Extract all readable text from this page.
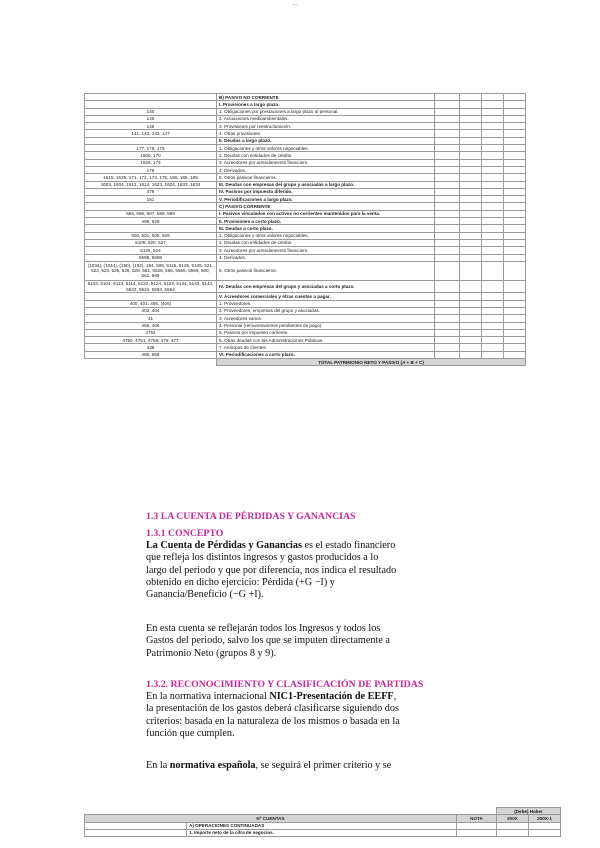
...
	B) PASIVO NO CORRIENTE				
	I. Provisiones a largo plazo.				
140	1. Obligaciones por prestaciones a largo plazo al personal.				
145	2. Actuaciones medioambientales.				
146	3. Provisiones por reestructuración.				
141, 142, 143, 147	4. Otras provisiones.				
	II. Deudas a largo plazo.				
177, 178, 179	1. Obligaciones y otros valores negociables.				
1605, 170	2. Deudas con entidades de crédito.				
1625, 174	3. Acreedores por arrendamiento financiero.				
176	4. Derivados.				
1615, 1635, 171, 172, 173, 175, 180, 185, 189	5. Otros pasivos financieros.				
1603, 1604, 1613, 1614, 1623, 1624, 1633, 1634	III. Deudas con empresas del grupo y asociadas a largo plazo.				
479	IV. Pasivos por impuesto diferido.				
181	V. Periodificaciones a largo plazo.				
	C) PASIVO CORRIENTE				
585, 586, 587, 588, 589	I. Pasivos vinculados con activos no corrientes mantenidos para la venta.				
499, 529	II. Provisiones a corto plazo.				
	III. Deudas a corto plazo.				
500, 501, 505, 506	1. Obligaciones y otros valores negociables.				
5105, 520, 527	2. Deudas con entidades de crédito.				
5125, 524	3. Acreedores por arrendamiento financiero.				
5595, 5598	4. Derivados.				
(1034), (1044), (190), (192), 194, 509, 5115, 5135, 5145, 521, 522, 523, 525, 526, 528, 551, 5525, 555, 5565, 5566, 560, 561, 569	5. Otros pasivos financieros.				
5103, 5104, 5113, 5114, 5123, 5124, 5133, 5134, 5143, 5144, 5523, 5524, 5563, 5564	IV. Deudas con empresas del grupo y asociadas a corto plazo.				
	V. Acreedores comerciales y otras cuentas a pagar.				
400, 401, 405, (406)	1. Proveedores.				
403, 404	2. Proveedores, empresas del grupo y asociadas.				
41	3. Acreedores varios.				
465, 466	4. Personal (remuneraciones pendientes de pago).				
4752	5. Pasivos por impuesto corriente.				
4750, 4751, 4758, 476, 477	6. Otras deudas con las Administraciones Públicas.				
438	7. Anticipos de clientes.				
485, 568	VI. Periodificaciones a corto plazo.				
	TOTAL PATRIMONIO NETO Y PASIVO (A + B + C)				
1.3 LA CUENTA DE PÉRDIDAS Y GANANCIAS
1.3.1 CONCEPTO

La Cuenta de Pérdidas y Ganancias es el estado financiero

que refleja los distintos ingresos y gastos producidos a lo

largo del periodo y que por diferencia, nos indica el resultado

obtenido en dicho ejercicio: Pérdida (+G −I) y

Ganancia/Beneficio (−G +I).

En esta cuenta se reflejarán todos los Ingresos y todos los

Gastos del periodo, salvo los que se imputen directamente a

Patrimonio Neto (grupos 8 y 9).

1.3.2. RECONOCIMIENTO Y CLASIFICACIÓN DE PARTIDAS

En la normativa internacional NIC1-Presentación de EEFF,

la presentación de los gastos deberá clasificarse siguiendo dos

criterios: basada en la naturaleza de los mismos o basada en la

función que cumplen.

En la normativa española, se seguirá el primer criterio y se

			(Debe) Haber	
Nº CUENTAS		NOTA	200X	200X-1
	A) OPERACIONES CONTINUADAS			
	1. Importe neto de la cifra de negocios.			
